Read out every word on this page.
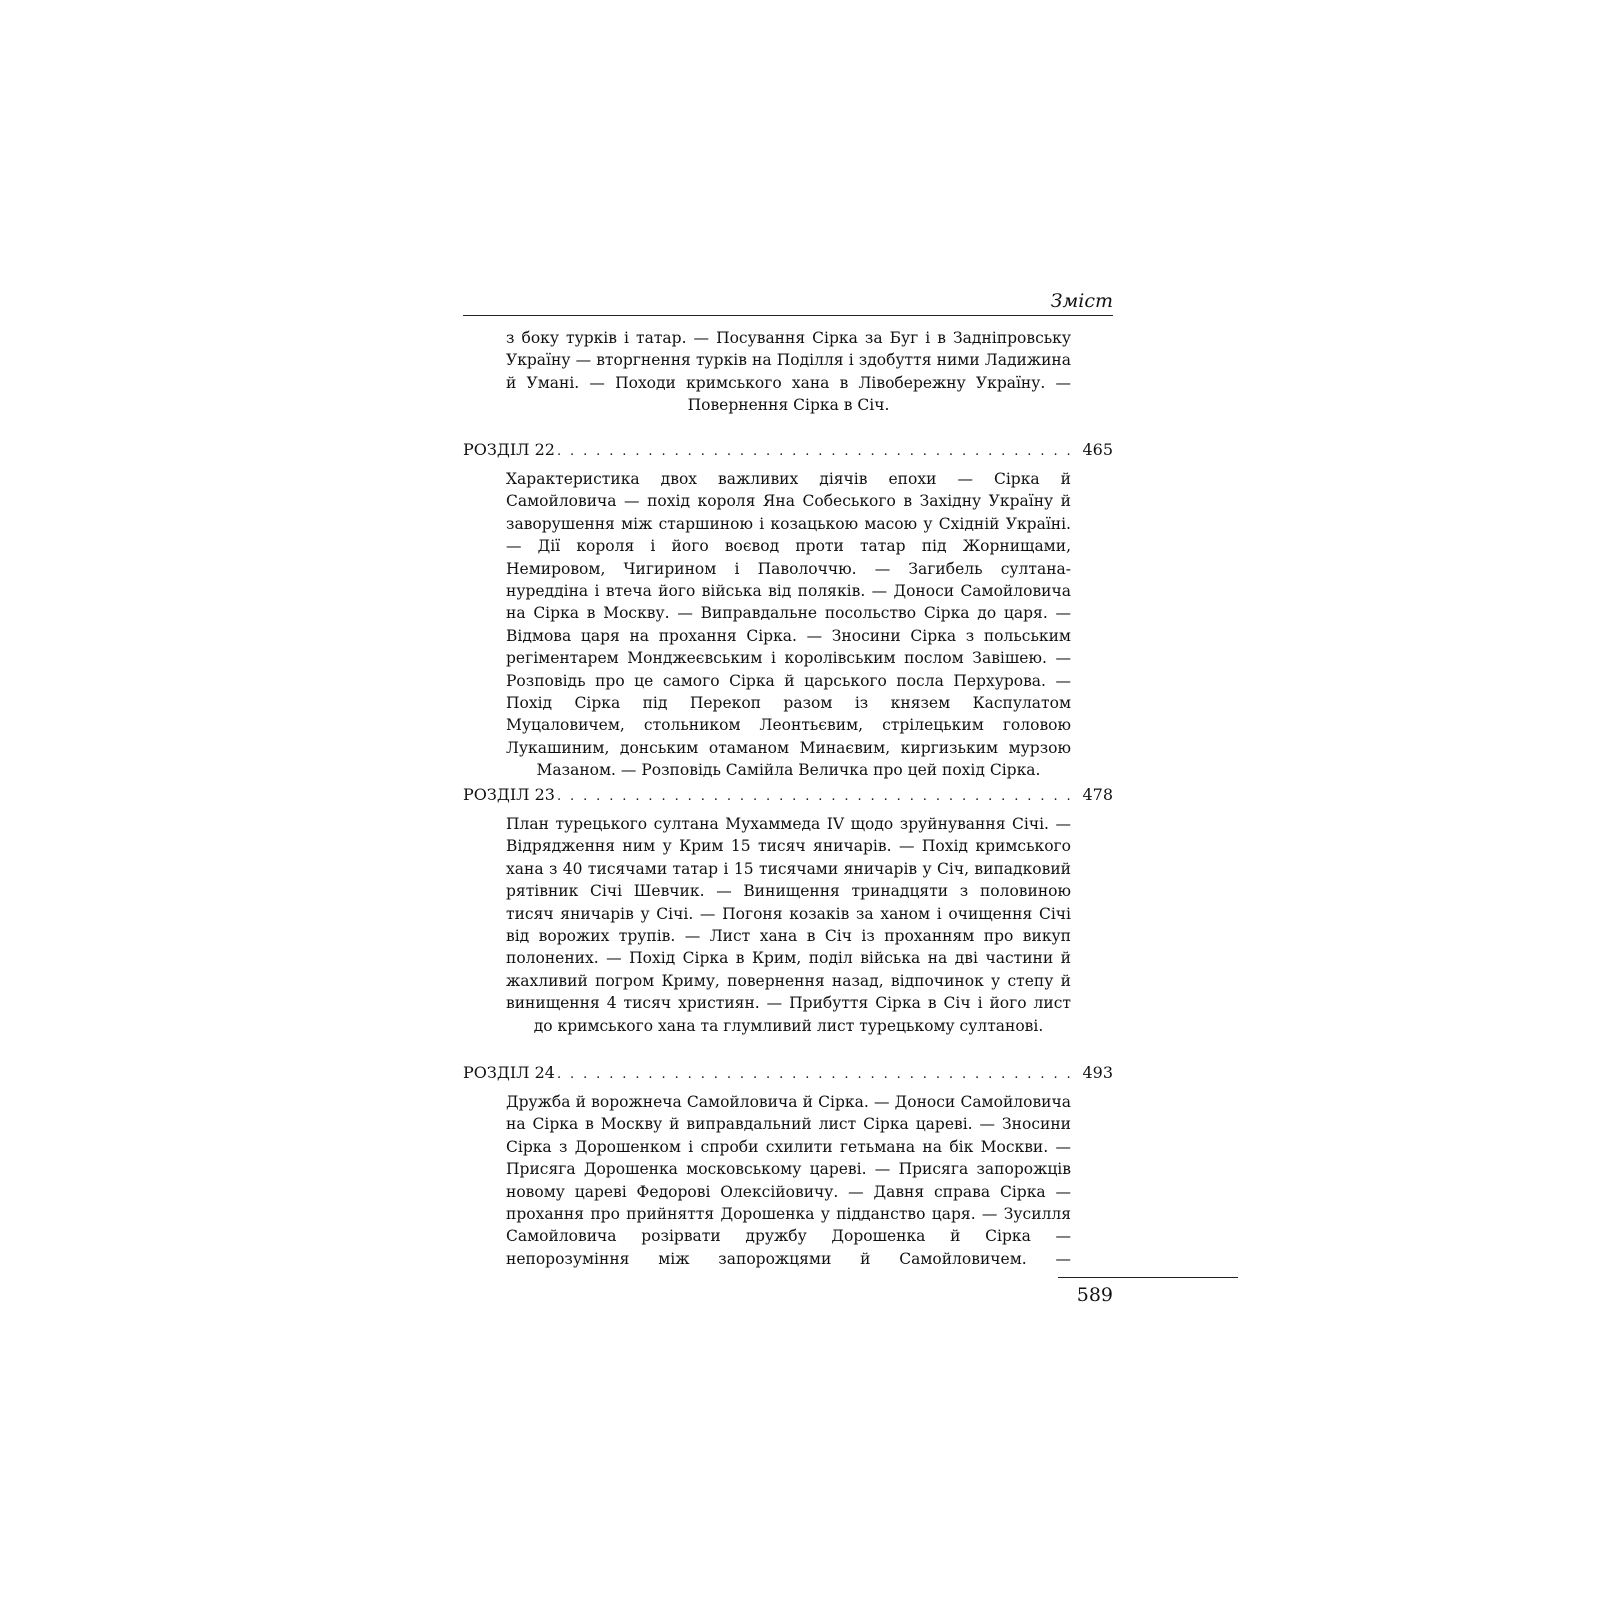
Зміст

з боку турків і татар. — Посування Сірка за Буг і в Задніпровську Україну — вторгнення турків на Поділля і здобуття ними Ладижина й Умані. — Походи кримського хана в Лівобережну Україну. — Повернення Сірка в Січ.

РОЗДІЛ 22 . . .	465

Характеристика двох важливих діячів епохи — Сірка й Самойловича — похід короля Яна Собеського в Західну Україну й заворушення між старшиною і козацькою масою у Східній Україні. — Дії короля і його воєвод проти татар під Жорнищами, Немировом, Чигирином і Паволоччю. — Загибель султана-нуреддіна і втеча його війська від поляків. — Доноси Самойловича на Сірка в Москву. — Виправдальне посольство Сірка до царя. — Відмова царя на прохання Сірка. — Зносини Сірка з польським регіментарем Монджеєвським і королівським послом Завішею. — Розповідь про це самого Сірка й царського посла Перхурова. — Похід Сірка під Перекоп разом із князем Каспулатом Муцаловичем, стольником Леонтьєвим, стрілецьким головою Лукашиним, донським отаманом Минаєвим, киргизьким мурзою Мазаном. — Розповідь Самійла Величка про цей похід Сірка.

РОЗДІЛ 23 . . .	478

План турецького султана Мухаммеда IV щодо зруйнування Січі. — Відрядження ним у Крим 15 тисяч яничарів. — Похід кримського хана з 40 тисячами татар і 15 тисячами яничарів у Січ, випадковий рятівник Січі Шевчик. — Винищення тринадцяти з половиною тисяч яничарів у Січі. — Погоня козаків за ханом і очищення Січі від ворожих трупів. — Лист хана в Січ із проханням про викуп полонених. — Похід Сірка в Крим, поділ війська на дві частини й жахливий погром Криму, повернення назад, відпочинок у степу й винищення 4 тисяч християн. — Прибуття Сірка в Січ і його лист до кримського хана та глумливий лист турецькому султанові.

РОЗДІЛ 24 . . .	493

Дружба й ворожнеча Самойловича й Сірка. — Доноси Самойловича на Сірка в Москву й виправдальний лист Сірка цареві. — Зносини Сірка з Дорошенком і спроби схилити гетьмана на бік Москви. — Присяга Дорошенка московському цареві. — Присяга запорожців новому цареві Федорові Олексійовичу. — Давня справа Сірка — прохання про прийняття Дорошенка у підданство царя. — Зусилля Самойловича розірвати дружбу Дорошенка й Сірка — непорозуміння між запорожцями й Самойловичем. —

589
